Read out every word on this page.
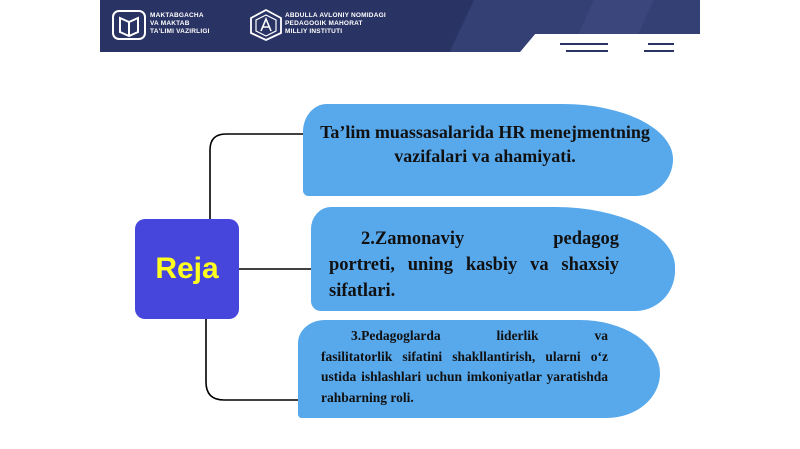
MAKTABGACHA
VA MAKTAB
TA'LIMI VAZIRLIGI
ABDULLA AVLONIY NOMIDAGI
PEDAGOGIK MAHORAT
MILLIY INSTITUTI
Reja
Ta’lim muassasalarida HR menejmentning vazifalari va ahamiyati.
2.Zamonaviy pedagog
portreti, uning kasbiy va shaxsiy sifatlari.
3.Pedagoglarda liderlik va
fasilitatorlik sifatini shakllantirish, ularni o‘z ustida ishlashlari uchun imkoniyatlar yaratishda rahbarning roli.
